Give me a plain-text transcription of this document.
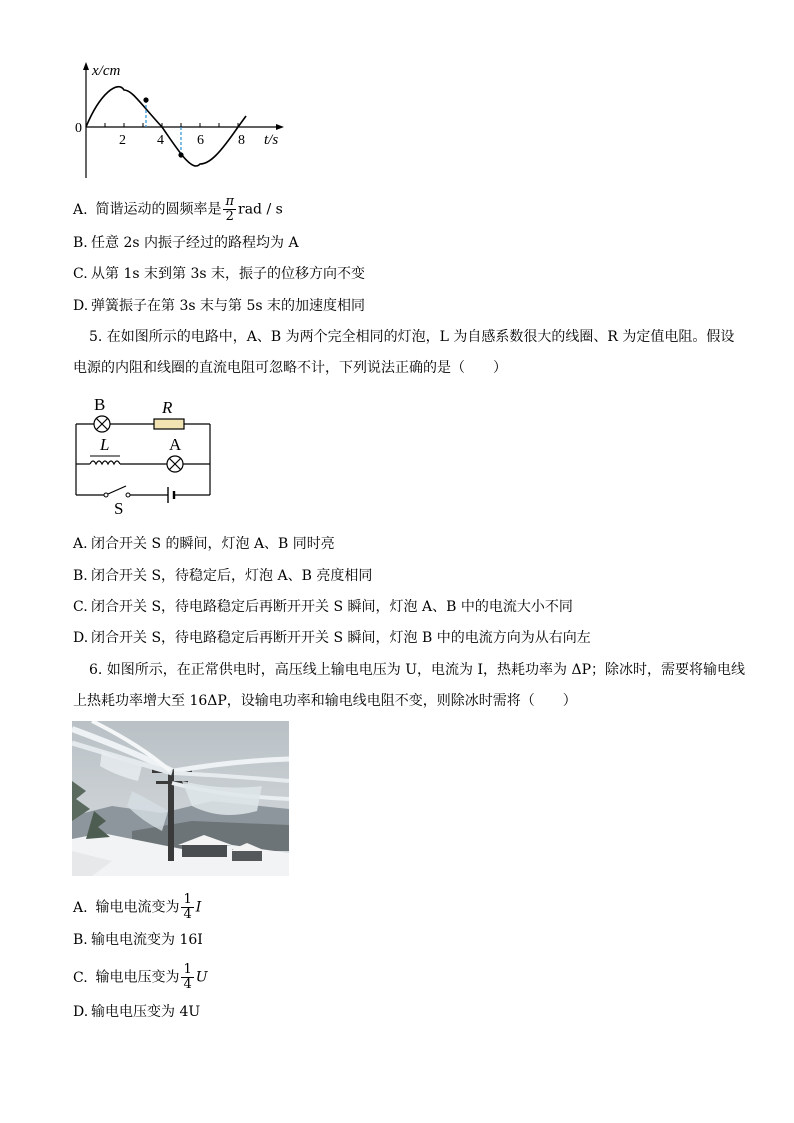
x/cm
0
2 4 6 8 t/s
A. 简谐运动的圆频率是 $\frac{\pi}{2}$ rad / s
B. 任意 2s 内振子经过的路程均为 A
C. 从第 1s 末到第 3s 末，振子的位移方向不变
D. 弹簧振子在第 3s 末与第 5s 末的加速度相同
5. 在如图所示的电路中，A、B 为两个完全相同的灯泡，L 为自感系数很大的线圈、R 为定值电阻。假设
电源的内阻和线圈的直流电阻可忽略不计，下列说法正确的是（　　）
B	R
L	A
S
A. 闭合开关 S 的瞬间，灯泡 A、B 同时亮
B. 闭合开关 S，待稳定后，灯泡 A、B 亮度相同
C. 闭合开关 S，待电路稳定后再断开开关 S 瞬间，灯泡 A、B 中的电流大小不同
D. 闭合开关 S，待电路稳定后再断开开关 S 瞬间，灯泡 B 中的电流方向为从右向左
6. 如图所示，在正常供电时，高压线上输电电压为 U，电流为 I，热耗功率为 ΔP；除冰时，需要将输电线
上热耗功率增大至 16ΔP，设输电功率和输电线电阻不变，则除冰时需将（　　）
A. 输电电流变为 $\frac{1}{4}$ I
B. 输电电流变为 16I
C. 输电电压变为 $\frac{1}{4}$ U
D. 输电电压变为 4U
